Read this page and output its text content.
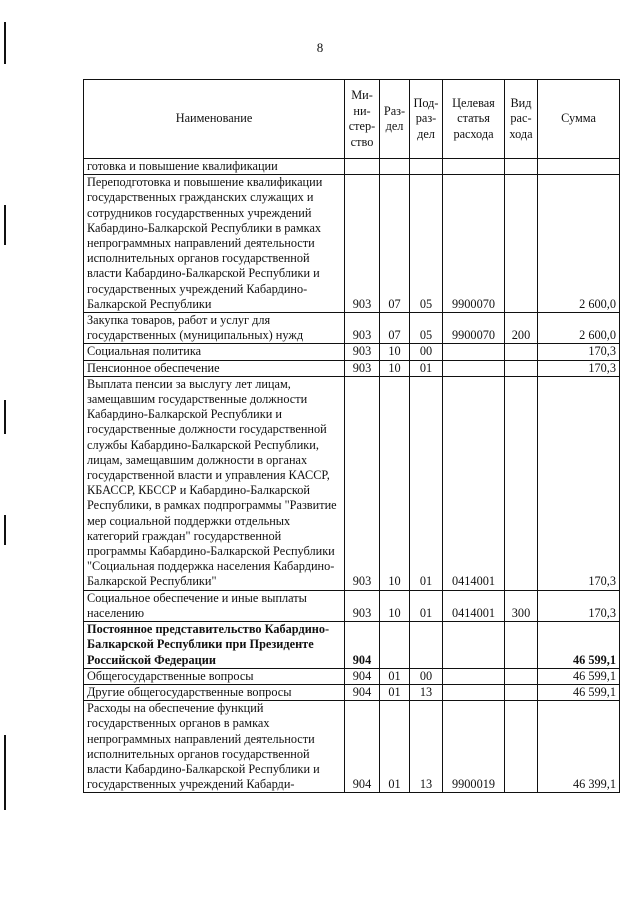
8
Наименование	Ми-ни-стер-ство	Раз-дел	Под-раз-дел	Целевая статья расхода	Вид рас-хода	Сумма
готовка и повышение квалификации						
Переподготовка и повышение квалификации государственных гражданских служащих и сотрудников государственных учреждений Кабардино-Балкарской Республики в рамках непрограммных направлений деятельности исполнительных органов государственной власти Кабардино-Балкарской Республики и государственных учреждений Кабардино-Балкарской Республики	903	07	05	9900070		2 600,0
Закупка товаров, работ и услуг для государственных (муниципальных) нужд	903	07	05	9900070	200	2 600,0
Социальная политика	903	10	00			170,3
Пенсионное обеспечение	903	10	01			170,3
Выплата пенсии за выслугу лет лицам, замещавшим государственные должности Кабардино-Балкарской Республики и государственные должности государственной службы Кабардино-Балкарской Республики, лицам, замещавшим должности в органах государственной власти и управления КАССР, КБАССР, КБССР и Кабардино-Балкарской Республики, в рамках подпрограммы "Развитие мер социальной поддержки отдельных категорий граждан" государственной программы Кабардино-Балкарской Республики "Социальная поддержка населения Кабардино-Балкарской Республики"	903	10	01	0414001		170,3
Социальное обеспечение и иные выплаты населению	903	10	01	0414001	300	170,3
Постоянное представительство Кабардино-Балкарской Республики при Президенте Российской Федерации	904					46 599,1
Общегосударственные вопросы	904	01	00			46 599,1
Другие общегосударственные вопросы	904	01	13			46 599,1
Расходы на обеспечение функций государственных органов в рамках непрограммных направлений деятельности исполнительных органов государственной власти Кабардино-Балкарской Республики и государственных учреждений Кабарди-	904	01	13	9900019		46 399,1
